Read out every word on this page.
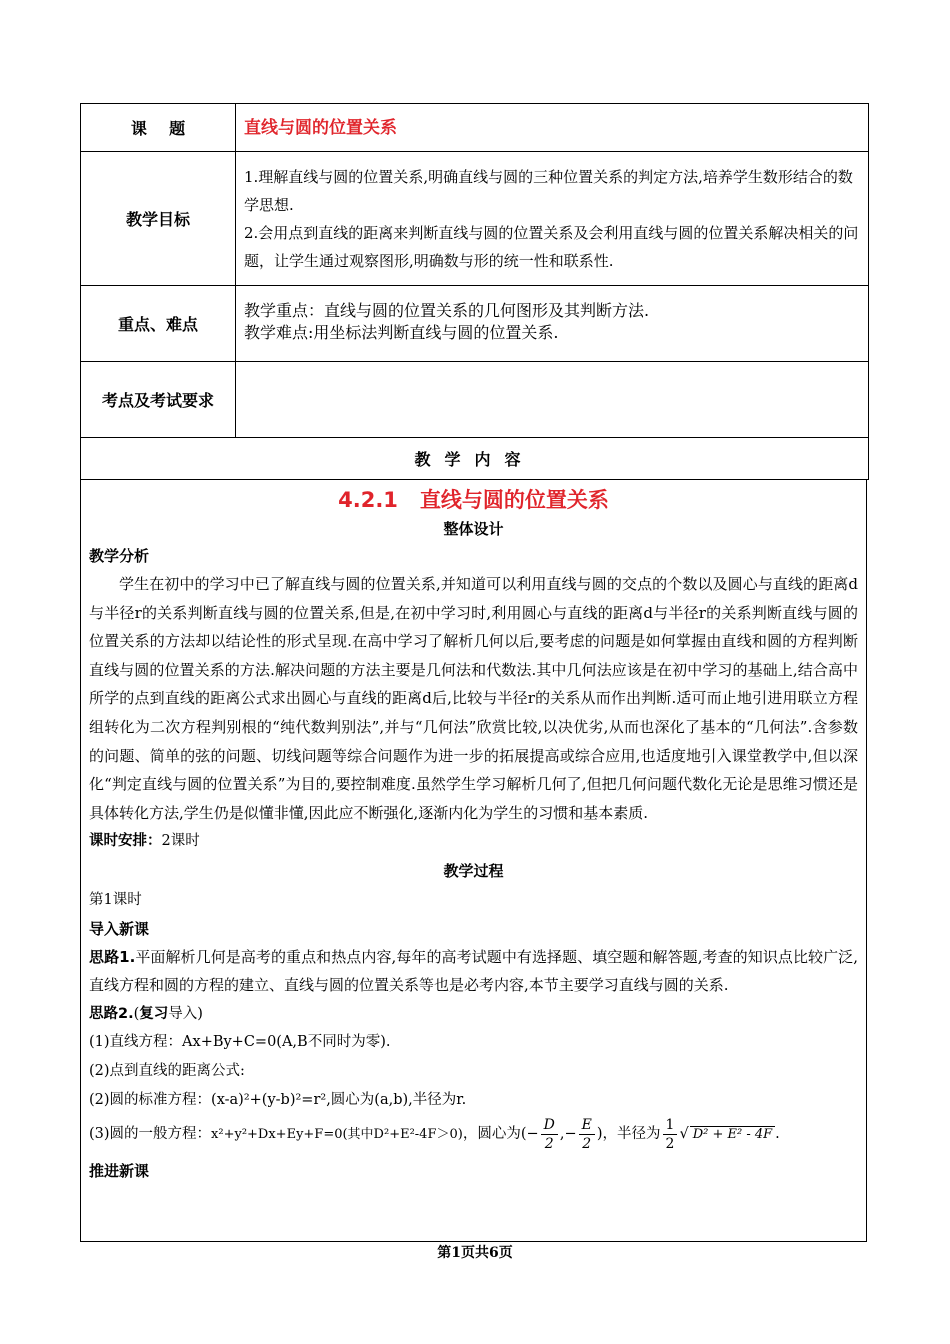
课    题	直线与圆的位置关系
教学目标	1.理解直线与圆的位置关系,明确直线与圆的三种位置关系的判定方法,培养学生数形结合的数学思想.
2.会用点到直线的距离来判断直线与圆的位置关系及会利用直线与圆的位置关系解决相关的问题，让学生通过观察图形,明确数与形的统一性和联系性.

重点、难点	教学重点：直线与圆的位置关系的几何图形及其判断方法.
教学难点:用坐标法判断直线与圆的位置关系.

考点及考试要求	
教学内容	
4.2.1   直线与圆的位置关系
整体设计
教学分析
学生在初中的学习中已了解直线与圆的位置关系,并知道可以利用直线与圆的交点的个数以及圆心与直线的距离d与半径r的关系判断直线与圆的位置关系,但是,在初中学习时,利用圆心与直线的距离d与半径r的关系判断直线与圆的位置关系的方法却以结论性的形式呈现.在高中学习了解析几何以后,要考虑的问题是如何掌握由直线和圆的方程判断直线与圆的位置关系的方法.解决问题的方法主要是几何法和代数法.其中几何法应该是在初中学习的基础上,结合高中所学的点到直线的距离公式求出圆心与直线的距离d后,比较与半径r的关系从而作出判断.适可而止地引进用联立方程组转化为二次方程判别根的“纯代数判别法”,并与“几何法”欣赏比较,以决优劣,从而也深化了基本的“几何法”.含参数的问题、简单的弦的问题、切线问题等综合问题作为进一步的拓展提高或综合应用,也适度地引入课堂教学中,但以深化“判定直线与圆的位置关系”为目的,要控制难度.虽然学生学习解析几何了,但把几何问题代数化无论是思维习惯还是具体转化方法,学生仍是似懂非懂,因此应不断强化,逐渐内化为学生的习惯和基本素质.
课时安排：2课时
教学过程
第1课时
导入新课
思路1.平面解析几何是高考的重点和热点内容,每年的高考试题中有选择题、填空题和解答题,考查的知识点比较广泛,直线方程和圆的方程的建立、直线与圆的位置关系等也是必考内容,本节主要学习直线与圆的关系.
思路2.(复习导入)
(1)直线方程：Ax+By+C=0(A,B不同时为零).
(2)点到直线的距离公式:
(2)圆的标准方程：(x-a)²+(y-b)²=r²,圆心为(a,b),半径为r.
(3)圆的一般方程：x²+y²+Dx+Ey+F=0(其中D²+E²-4F＞0)，圆心为(− $\frac{D}{2}$ ,− $\frac{E}{2}$ )，半径为 $\frac{1}{2}$ √ D² + E² - 4F .
推进新课
第1页共6页
